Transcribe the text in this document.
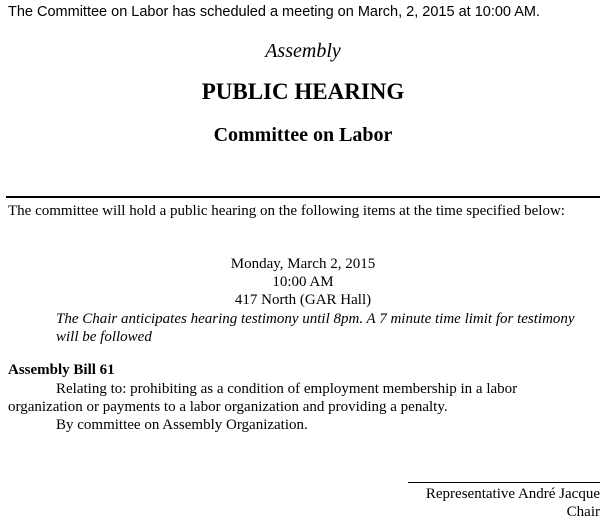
The Committee on Labor has scheduled a meeting on March, 2, 2015 at 10:00 AM.
Assembly
PUBLIC HEARING
Committee on Labor
The committee will hold a public hearing on the following items at the time specified below:
Monday, March 2, 2015
10:00 AM
417 North (GAR Hall)
The Chair anticipates hearing testimony until 8pm. A 7 minute time limit for testimony will be followed
Assembly Bill 61
Relating to: prohibiting as a condition of employment membership in a labor organization or payments to a labor organization and providing a penalty.
By committee on Assembly Organization.
Representative André Jacque
Chair
